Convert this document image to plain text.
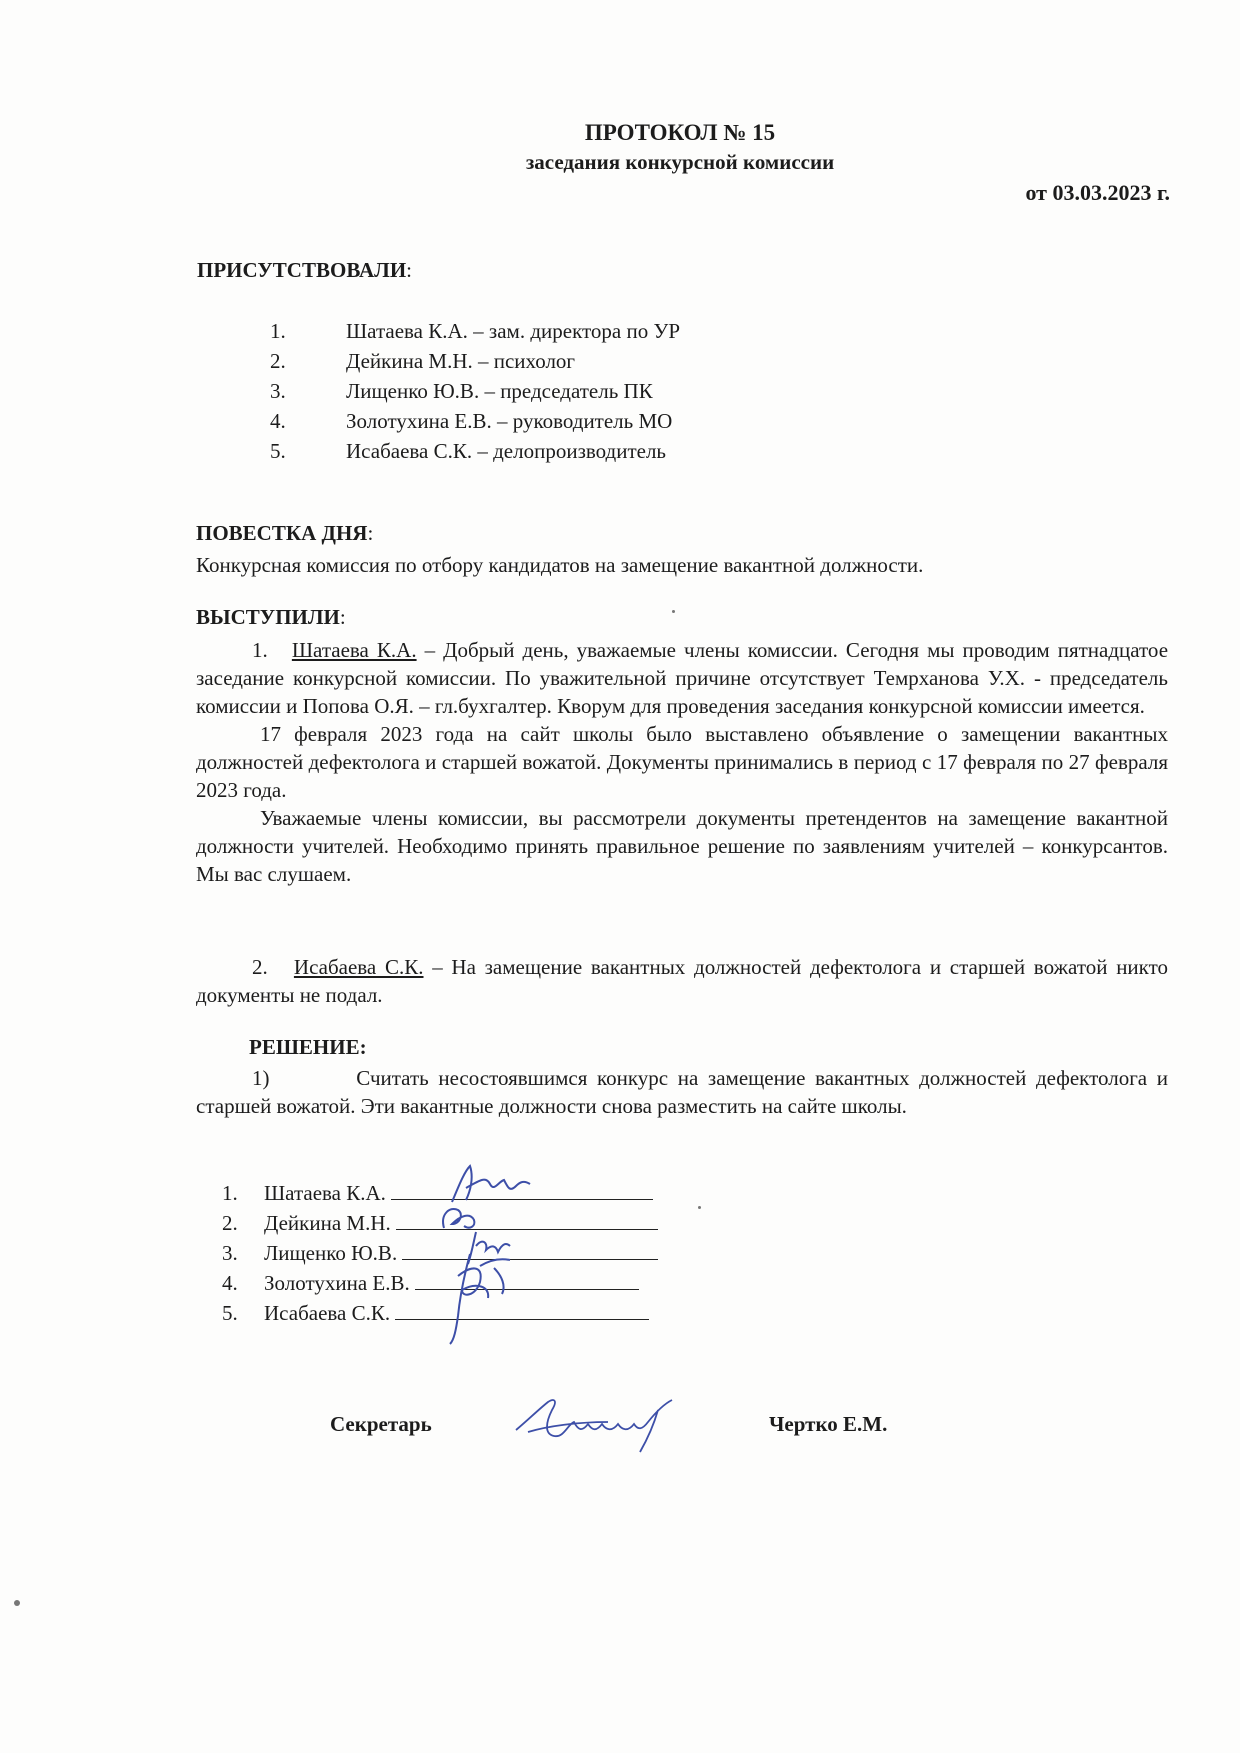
ПРОТОКОЛ № 15
заседания конкурсной комиссии
от 03.03.2023 г.
ПРИСУТСТВОВАЛИ:
1.	Шатаева К.А. – зам. директора по УР
2.	Дейкина М.Н. – психолог
3.	Лищенко Ю.В. – председатель ПК
4.	Золотухина Е.В. – руководитель МО
5.	Исабаева С.К. – делопроизводитель
ПОВЕСТКА ДНЯ:
Конкурсная комиссия по отбору кандидатов на замещение вакантной должности.
ВЫСТУПИЛИ:
1. Шатаева К.А. – Добрый день, уважаемые члены комиссии. Сегодня мы проводим пятнадцатое заседание конкурсной комиссии. По уважительной причине отсутствует Темрханова У.Х. - председатель комиссии и Попова О.Я. – гл.бухгалтер. Кворум для проведения заседания конкурсной комиссии имеется.
17 февраля 2023 года на сайт школы было выставлено объявление о замещении вакантных должностей дефектолога и старшей вожатой. Документы принимались в период с 17 февраля по 27 февраля 2023 года.
Уважаемые члены комиссии, вы рассмотрели документы претендентов на замещение вакантной должности учителей. Необходимо принять правильное решение по заявлениям учителей – конкурсантов. Мы вас слушаем.
2. Исабаева С.К. – На замещение вакантных должностей дефектолога и старшей вожатой никто документы не подал.
РЕШЕНИЕ:
1)	Считать несостоявшимся конкурс на замещение вакантных должностей дефектолога и старшей вожатой. Эти вакантные должности снова разместить на сайте школы.
1. Шатаева К.А.
2. Дейкина М.Н.
3. Лищенко Ю.В.
4. Золотухина Е.В.
5. Исабаева С.К.
Секретарь	Чертко Е.М.
